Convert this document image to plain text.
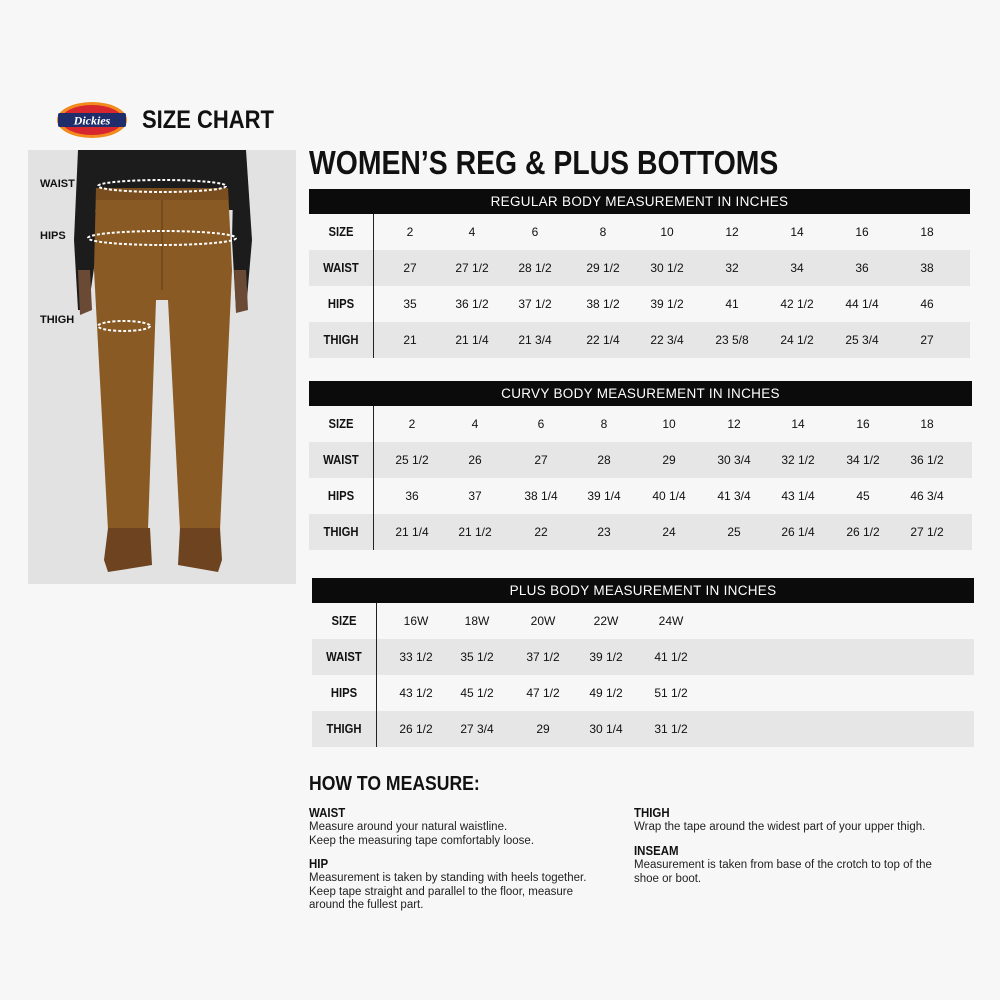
Dickies SIZE CHART
WAIST
HIPS
THIGH
WOMEN’S REG & PLUS BOTTOMS
REGULAR BODY MEASUREMENT IN INCHES
SIZE	2	4	6	8	10	12	14	16	18
WAIST	27	27 1/2	28 1/2	29 1/2	30 1/2	32	34	36	38
HIPS	35	36 1/2	37 1/2	38 1/2	39 1/2	41	42 1/2	44 1/4	46
THIGH	21	21 1/4	21 3/4	22 1/4	22 3/4	23 5/8	24 1/2	25 3/4	27
CURVY BODY MEASUREMENT IN INCHES
SIZE	2	4	6	8	10	12	14	16	18
WAIST	25 1/2	26	27	28	29	30 3/4	32 1/2	34 1/2	36 1/2
HIPS	36	37	38 1/4	39 1/4	40 1/4	41 3/4	43 1/4	45	46 3/4
THIGH	21 1/4	21 1/2	22	23	24	25	26 1/4	26 1/2	27 1/2
PLUS BODY MEASUREMENT IN INCHES
SIZE	16W	18W	20W	22W	24W
WAIST	33 1/2	35 1/2	37 1/2	39 1/2	41 1/2
HIPS	43 1/2	45 1/2	47 1/2	49 1/2	51 1/2
THIGH	26 1/2	27 3/4	29	30 1/4	31 1/2
HOW TO MEASURE:
WAIST
Measure around your natural waistline.
Keep the measuring tape comfortably loose.
HIP
Measurement is taken by standing with heels together.
Keep tape straight and parallel to the floor, measure
around the fullest part.
THIGH
Wrap the tape around the widest part of your upper thigh.
INSEAM
Measurement is taken from base of the crotch to top of the
shoe or boot.
